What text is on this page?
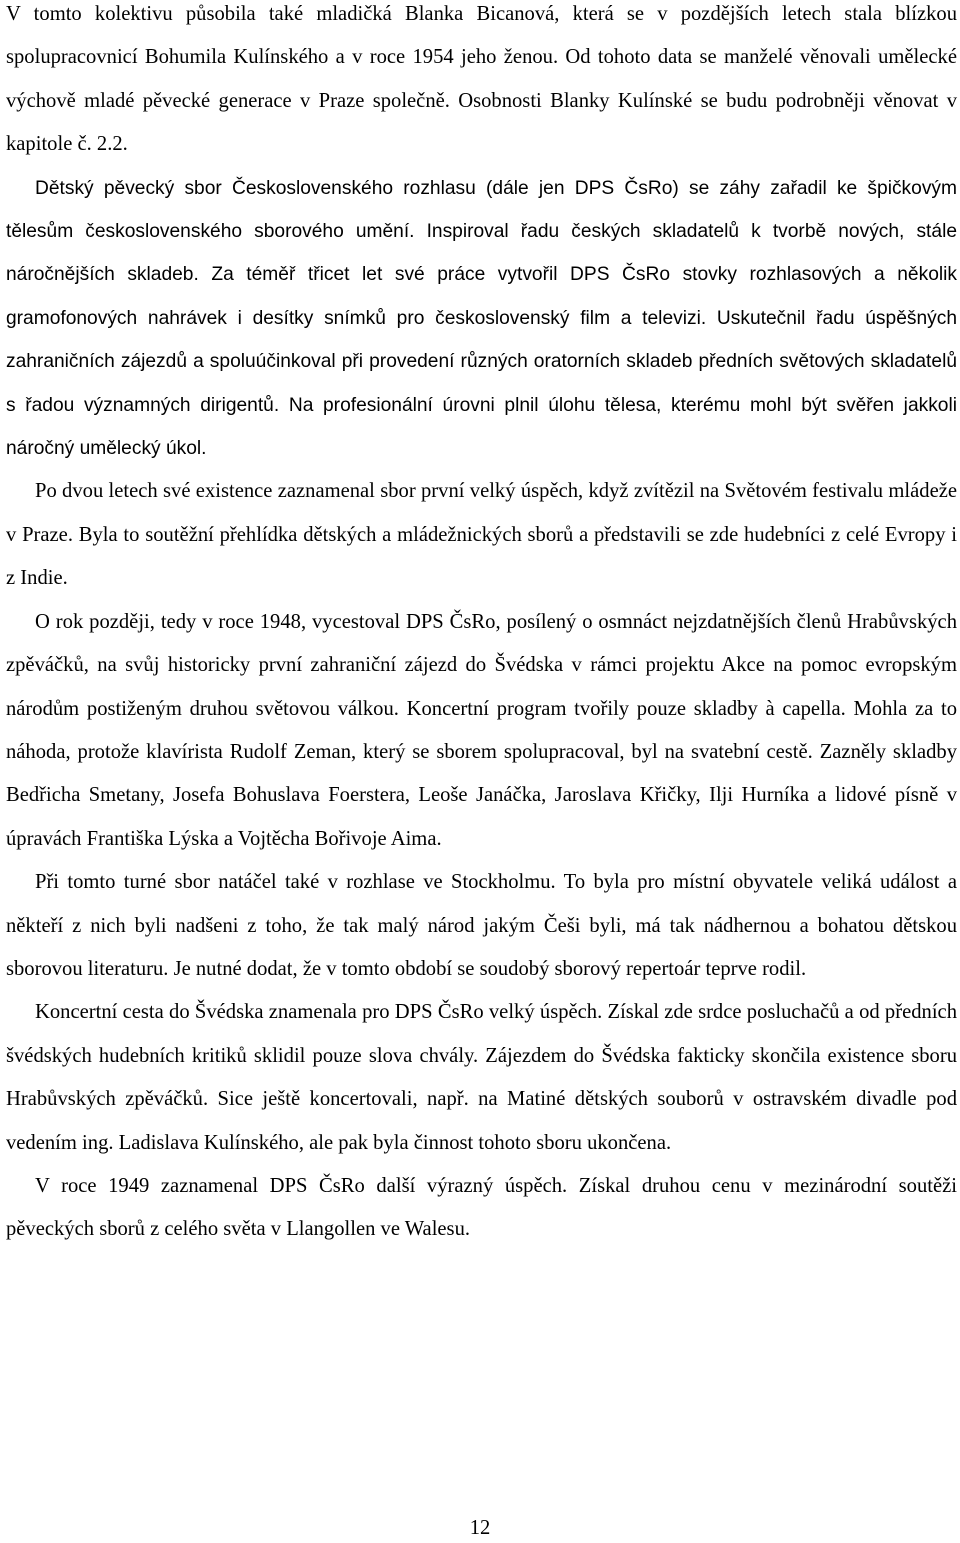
V tomto kolektivu působila také mladičká Blanka Bicanová, která se v pozdějších letech stala blízkou spolupracovnicí Bohumila Kulínského a v roce 1954 jeho ženou. Od tohoto data se manželé věnovali umělecké výchově mladé pěvecké generace v Praze společně. Osobnosti Blanky Kulínské se budu podrobněji věnovat v kapitole č. 2.2.

Dětský pěvecký sbor Československého rozhlasu (dále jen DPS ČsRo) se záhy zařadil ke špičkovým tělesům československého sborového umění. Inspiroval řadu českých skladatelů k tvorbě nových, stále náročnějších skladeb. Za téměř třicet let své práce vytvořil DPS ČsRo stovky rozhlasových a několik gramofonových nahrávek i desítky snímků pro československý film a televizi. Uskutečnil řadu úspěšných zahraničních zájezdů a spoluúčinkoval při provedení různých oratorních skladeb předních světových skladatelů s řadou významných dirigentů. Na profesionální úrovni plnil úlohu tělesa, kterému mohl být svěřen jakkoli náročný umělecký úkol.

Po dvou letech své existence zaznamenal sbor první velký úspěch, když zvítězil na Světovém festivalu mládeže v Praze. Byla to soutěžní přehlídka dětských a mládežnických sborů a představili se zde hudebníci z celé Evropy i z Indie.

O rok později, tedy v roce 1948, vycestoval DPS ČsRo, posílený o osmnáct nejzdatnějších členů Hrabůvských zpěváčků, na svůj historicky první zahraniční zájezd do Švédska v rámci projektu Akce na pomoc evropským národům postiženým druhou světovou válkou. Koncertní program tvořily pouze skladby à capella. Mohla za to náhoda, protože klavírista Rudolf Zeman, který se sborem spolupracoval, byl na svatební cestě. Zazněly skladby Bedřicha Smetany, Josefa Bohuslava Foerstera, Leoše Janáčka, Jaroslava Křičky, Ilji Hurníka a lidové písně v úpravách Františka Lýska a Vojtěcha Bořivoje Aima.

Při tomto turné sbor natáčel také v rozhlase ve Stockholmu. To byla pro místní obyvatele veliká událost a někteří z nich byli nadšeni z toho, že tak malý národ jakým Češi byli, má tak nádhernou a bohatou dětskou sborovou literaturu. Je nutné dodat, že v tomto období se soudobý sborový repertoár teprve rodil.

Koncertní cesta do Švédska znamenala pro DPS ČsRo velký úspěch. Získal zde srdce posluchačů a od předních švédských hudebních kritiků sklidil pouze slova chvály. Zájezdem do Švédska fakticky skončila existence sboru Hrabůvských zpěváčků. Sice ještě koncertovali, např. na Matiné dětských souborů v ostravském divadle pod vedením ing. Ladislava Kulínského, ale pak byla činnost tohoto sboru ukončena.

V roce 1949 zaznamenal DPS ČsRo další výrazný úspěch. Získal druhou cenu v mezinárodní soutěži pěveckých sborů z celého světa v Llangollen ve Walesu.

12
